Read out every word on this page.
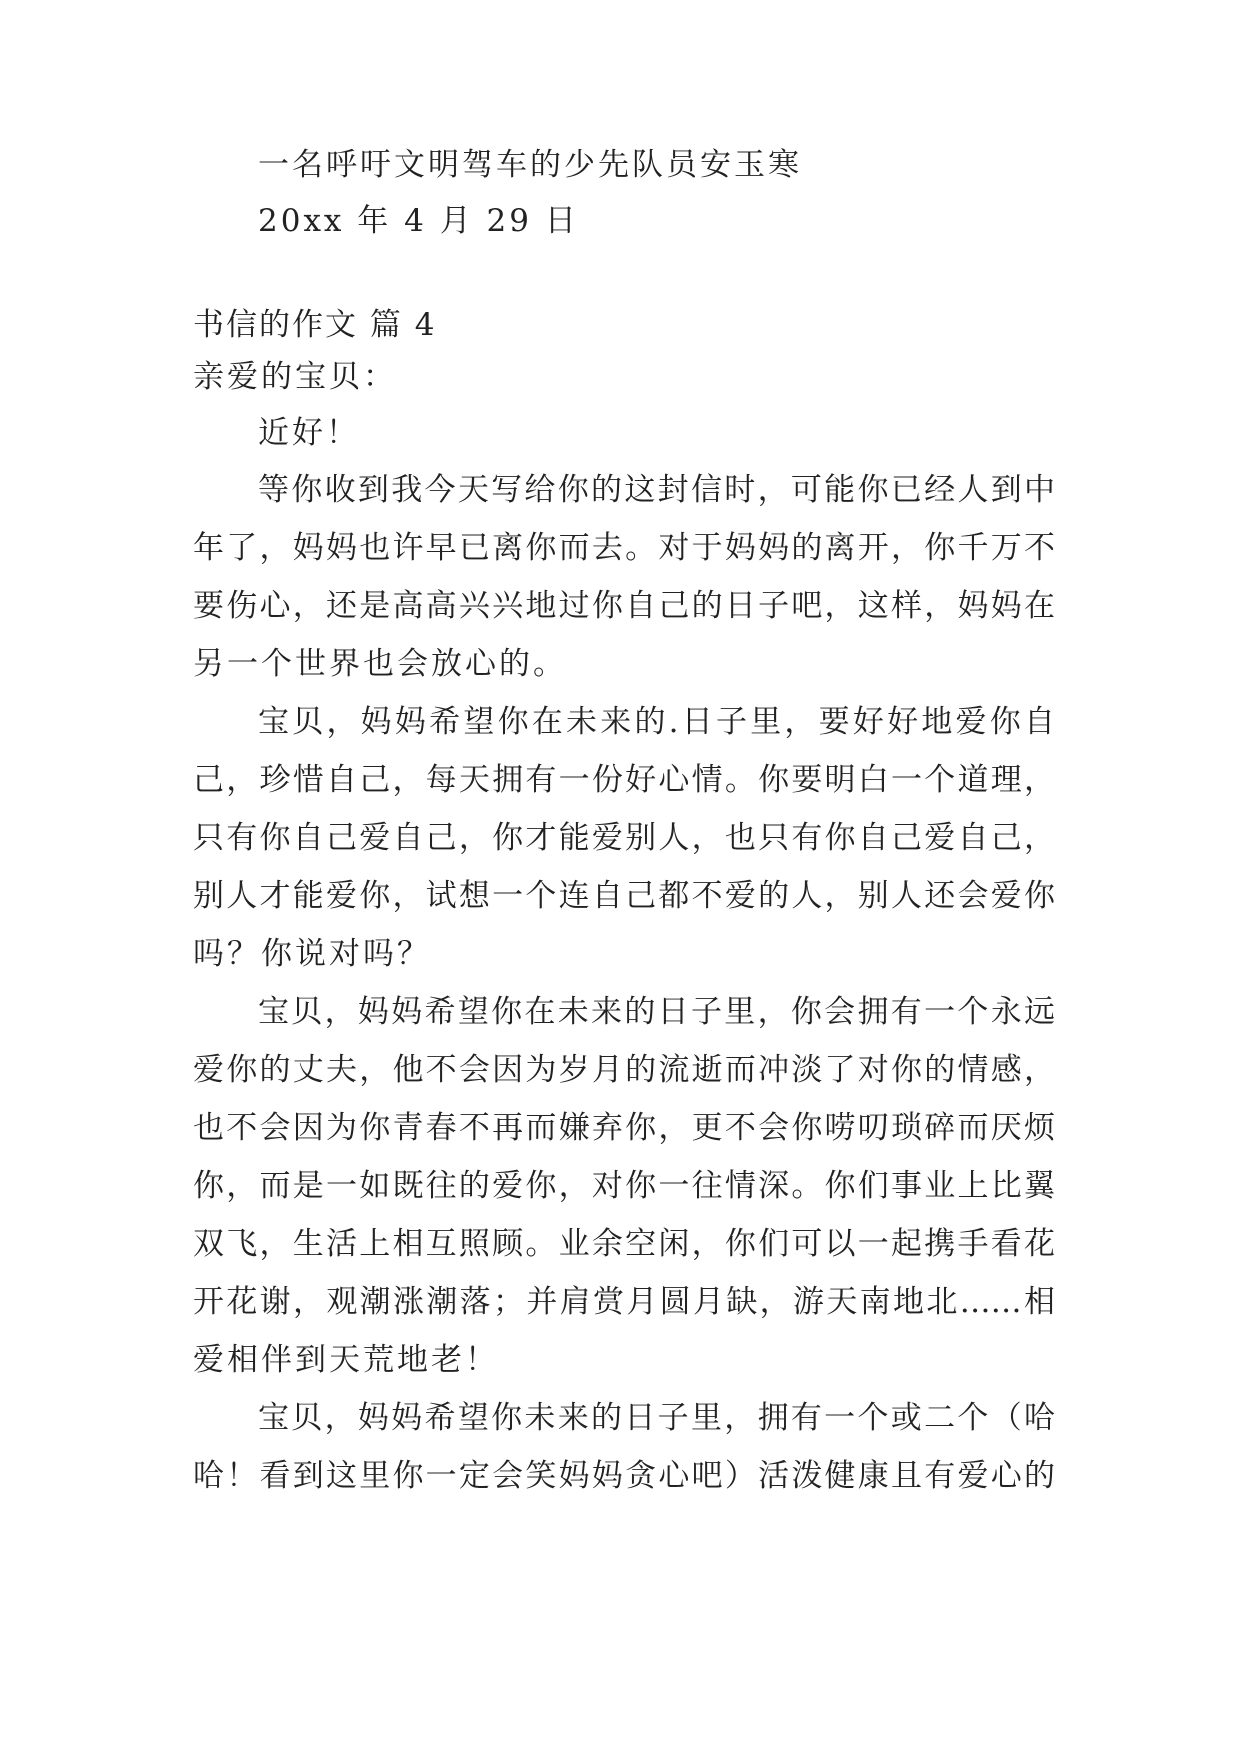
一名呼吁文明驾车的少先队员安玉寒
20xx 年 4 月 29 日
书信的作文 篇 4
亲爱的宝贝：
近好！
等你收到我今天写给你的这封信时，可能你已经人到中
年了，妈妈也许早已离你而去。对于妈妈的离开，你千万不
要伤心，还是高高兴兴地过你自己的日子吧，这样，妈妈在
另一个世界也会放心的。
宝贝，妈妈希望你在未来的.日子里，要好好地爱你自
己，珍惜自己，每天拥有一份好心情。你要明白一个道理，
只有你自己爱自己，你才能爱别人，也只有你自己爱自己，
别人才能爱你，试想一个连自己都不爱的人，别人还会爱你
吗？你说对吗？
宝贝，妈妈希望你在未来的日子里，你会拥有一个永远
爱你的丈夫，他不会因为岁月的流逝而冲淡了对你的情感，
也不会因为你青春不再而嫌弃你，更不会你唠叨琐碎而厌烦
你，而是一如既往的爱你，对你一往情深。你们事业上比翼
双飞，生活上相互照顾。业余空闲，你们可以一起携手看花
开花谢，观潮涨潮落；并肩赏月圆月缺，游天南地北……相
爱相伴到天荒地老！
宝贝，妈妈希望你未来的日子里，拥有一个或二个（哈
哈！看到这里你一定会笑妈妈贪心吧）活泼健康且有爱心的
